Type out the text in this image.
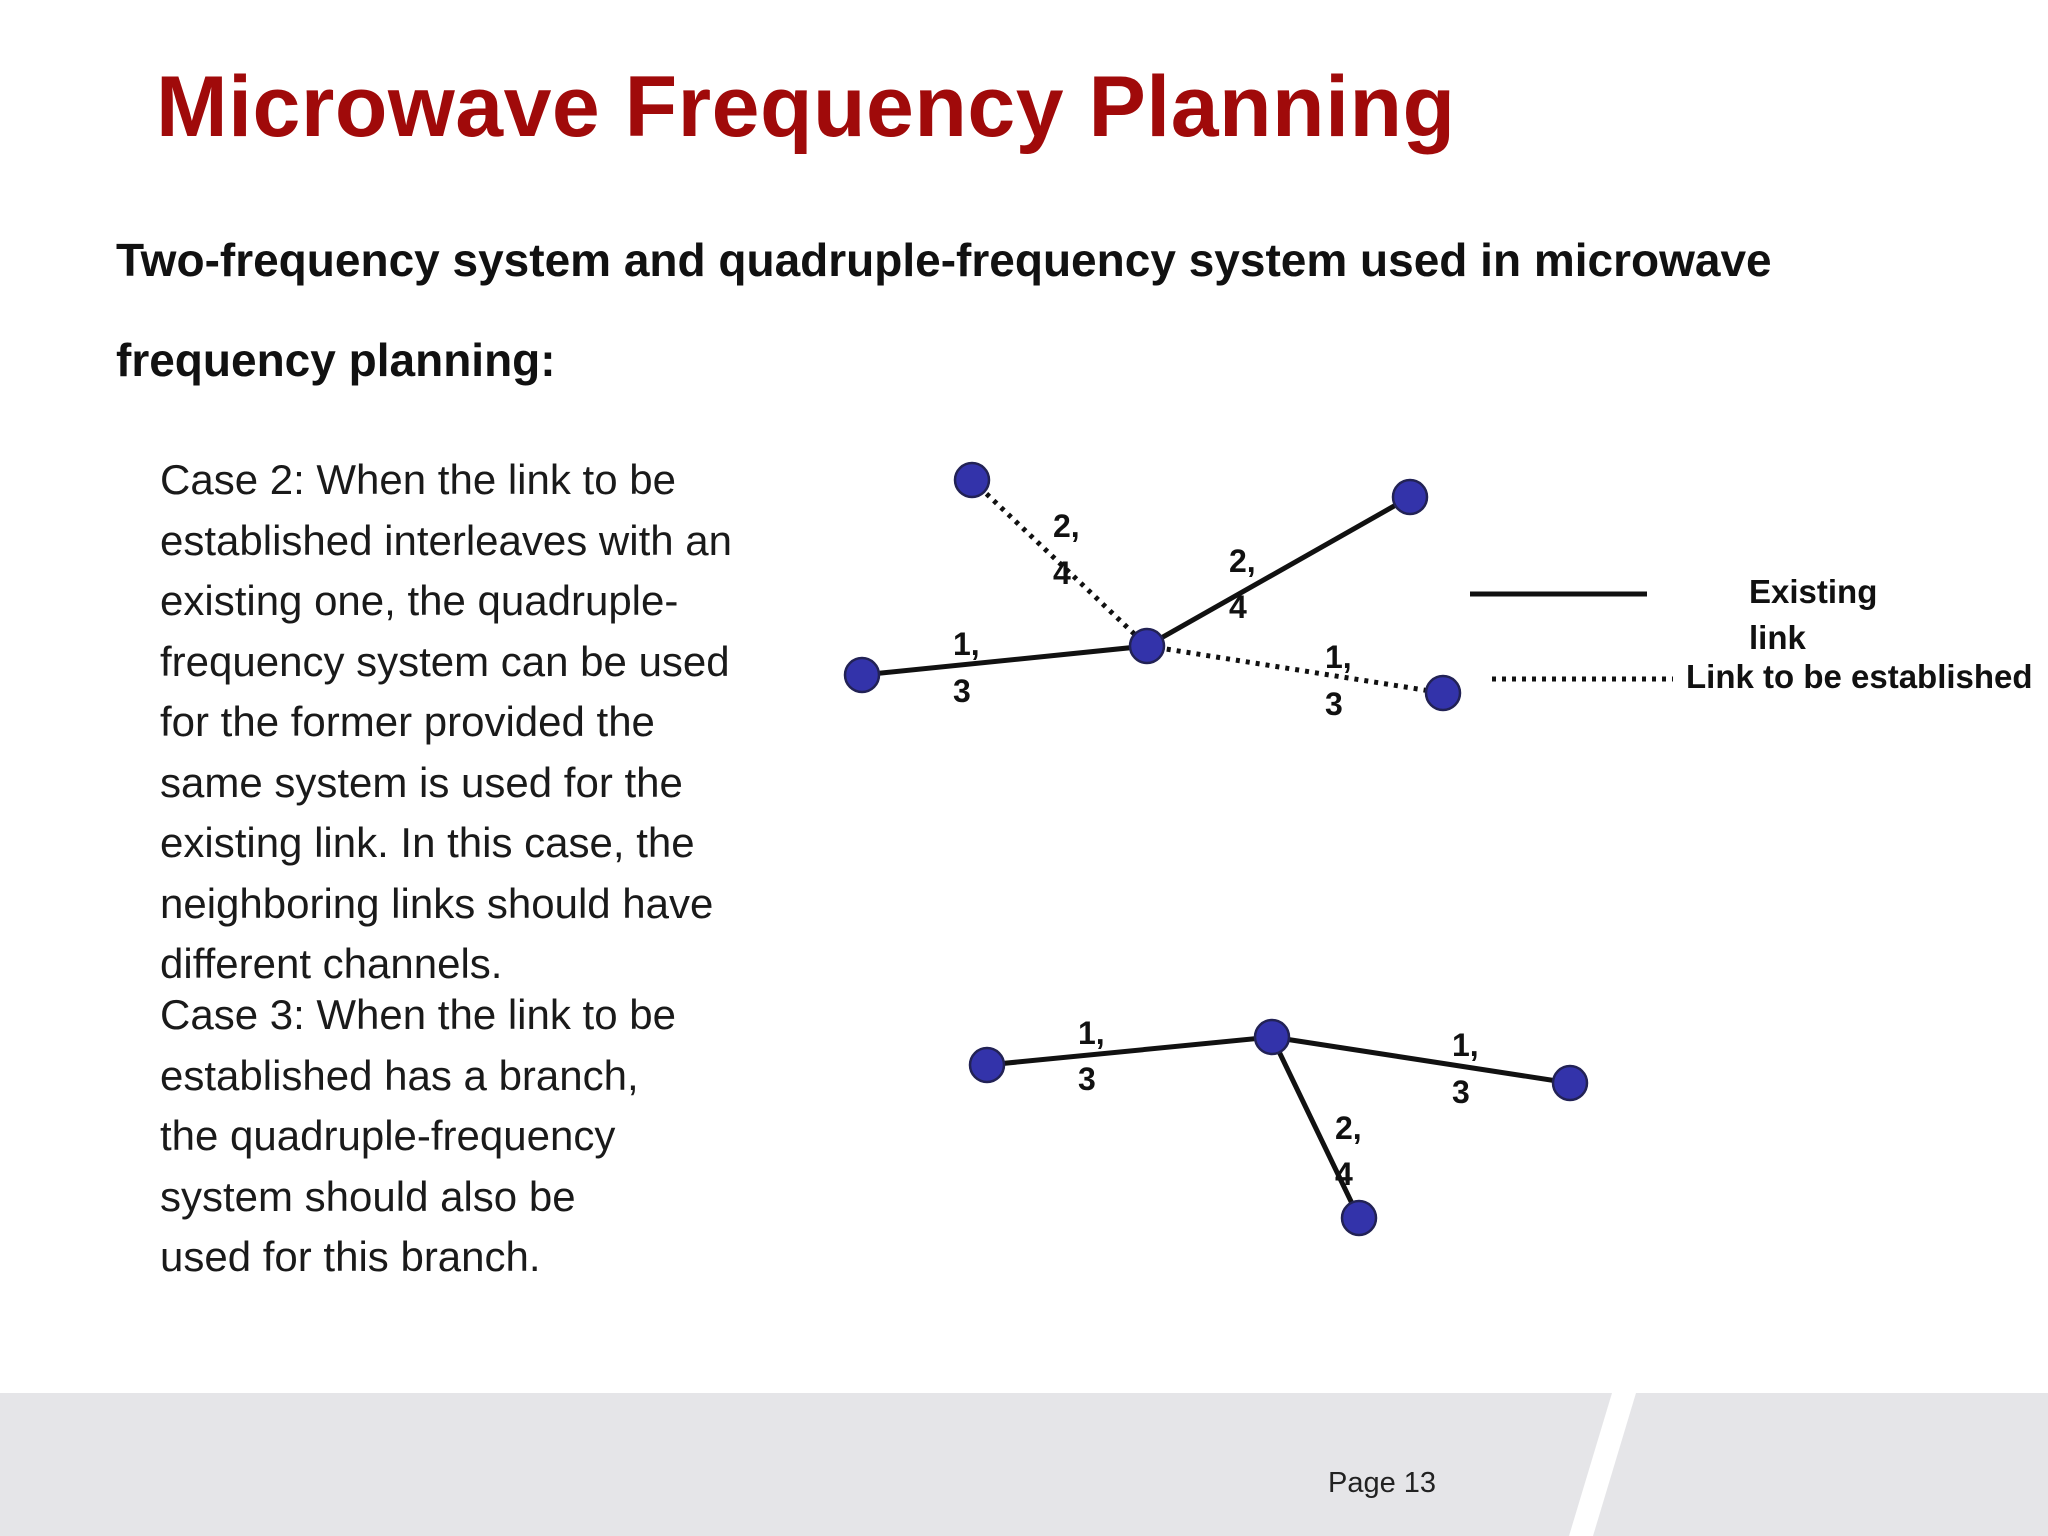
Microwave Frequency Planning

Two-frequency system and quadruple-frequency system used in microwave frequency planning:

Case 2: When the link to be
established interleaves with an
existing one, the quadruple-
frequency system can be used
for the former provided the
same system is used for the
existing link. In this case, the
neighboring links should have
different channels.

Case 3: When the link to be
established has a branch,
the quadruple-frequency
system should also be
used for this branch.

2,
4	2,
4
1,
3
1,
3
Existing
link
Link to be established
1,
3
1,
3
2,
4
Page 13
